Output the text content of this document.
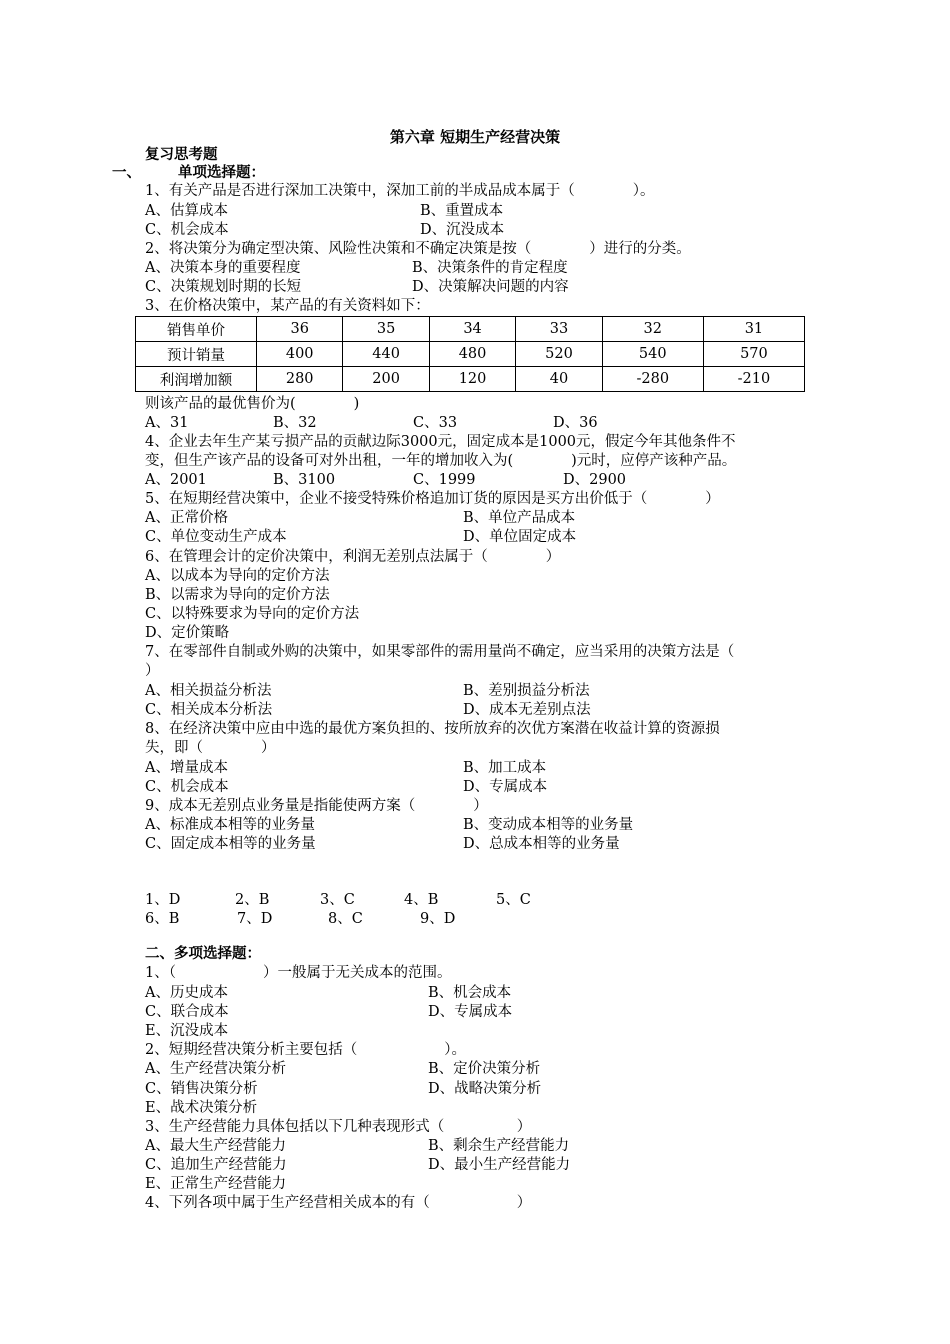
第六章 短期生产经营决策
复习思考题
一、	单项选择题：
1、有关产品是否进行深加工决策中，深加工前的半成品成本属于（　　　　）。
A、估算成本	B、重置成本
C、机会成本	D、沉没成本
2、将决策分为确定型决策、风险性决策和不确定决策是按（　　　　）进行的分类。
A、决策本身的重要程度	B、决策条件的肯定程度
C、决策规划时期的长短	D、决策解决问题的内容
3、在价格决策中，某产品的有关资料如下：
销售单价	36	35	34	33	32	31
预计销量	400	440	480	520	540	570
利润增加额	280	200	120	40	-280	-210
则该产品的最优售价为(　　　　)
A、31	B、32	C、33	D、36
4、企业去年生产某亏损产品的贡献边际3000元，固定成本是1000元，假定今年其他条件不
变，但生产该产品的设备可对外出租，一年的增加收入为(　　　　)元时，应停产该种产品。
A、2001	B、3100	C、1999	D、2900
5、在短期经营决策中，企业不接受特殊价格追加订货的原因是买方出价低于（　　　　）
A、正常价格	B、单位产品成本
C、单位变动生产成本	D、单位固定成本
6、在管理会计的定价决策中，利润无差别点法属于（　　　　）
A、以成本为导向的定价方法
B、以需求为导向的定价方法
C、以特殊要求为导向的定价方法
D、定价策略
7、在零部件自制或外购的决策中，如果零部件的需用量尚不确定，应当采用的决策方法是（
）
A、相关损益分析法	B、差别损益分析法
C、相关成本分析法	D、成本无差别点法
8、在经济决策中应由中选的最优方案负担的、按所放弃的次优方案潜在收益计算的资源损
失，即（　　　　）
A、增量成本	B、加工成本
C、机会成本	D、专属成本
9、成本无差别点业务量是指能使两方案（　　　　）
A、标准成本相等的业务量	B、变动成本相等的业务量
C、固定成本相等的业务量	D、总成本相等的业务量
1、D	2、B	3、C	4、B	5、C
6、B	7、D	8、C	9、D
二、多项选择题：
1、（　　　　　　）一般属于无关成本的范围。
A、历史成本	B、机会成本
C、联合成本	D、专属成本
E、沉没成本
2、短期经营决策分析主要包括（　　　　　　）。
A、生产经营决策分析	B、定价决策分析
C、销售决策分析	D、战略决策分析
E、战术决策分析
3、生产经营能力具体包括以下几种表现形式（　　　　　）
A、最大生产经营能力	B、剩余生产经营能力
C、追加生产经营能力	D、最小生产经营能力
E、正常生产经营能力
4、下列各项中属于生产经营相关成本的有（　　　　　　）
